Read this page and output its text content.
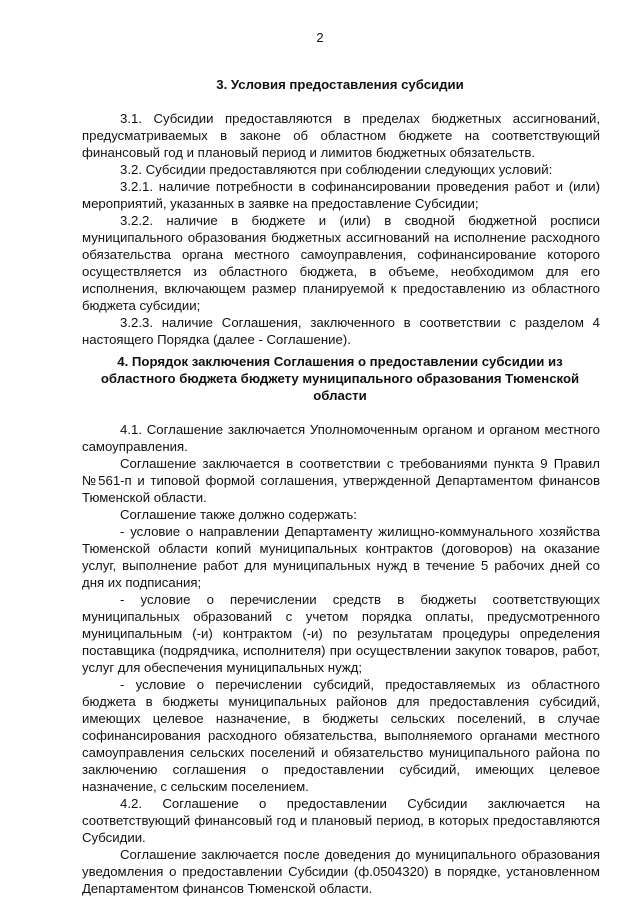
2
3. Условия предоставления субсидии

3.1. Субсидии предоставляются в пределах бюджетных ассигнований, предусматриваемых в законе об областном бюджете на соответствующий финансовый год и плановый период и лимитов бюджетных обязательств.

3.2. Субсидии предоставляются при соблюдении следующих условий:

3.2.1. наличие потребности в софинансировании проведения работ и (или) мероприятий, указанных в заявке на предоставление Субсидии;

3.2.2. наличие в бюджете и (или) в сводной бюджетной росписи муниципального образования бюджетных ассигнований на исполнение расходного обязательства органа местного самоуправления, софинансирование которого осуществляется из областного бюджета, в объеме, необходимом для его исполнения, включающем размер планируемой к предоставлению из областного бюджета субсидии;

3.2.3. наличие Соглашения, заключенного в соответствии с разделом 4 настоящего Порядка (далее - Соглашение).

4. Порядок заключения Соглашения о предоставлении субсидии из областного бюджета бюджету муниципального образования Тюменской области

4.1. Соглашение заключается Уполномоченным органом и органом местного самоуправления.

Соглашение заключается в соответствии с требованиями пункта 9 Правил №561-п и типовой формой соглашения, утвержденной Департаментом финансов Тюменской области.

Соглашение также должно содержать:

- условие о направлении Департаменту жилищно-коммунального хозяйства Тюменской области копий муниципальных контрактов (договоров) на оказание услуг, выполнение работ для муниципальных нужд в течение 5 рабочих дней со дня их подписания;

- условие о перечислении средств в бюджеты соответствующих муниципальных образований с учетом порядка оплаты, предусмотренного муниципальным (-и) контрактом (-и) по результатам процедуры определения поставщика (подрядчика, исполнителя) при осуществлении закупок товаров, работ, услуг для обеспечения муниципальных нужд;

- условие о перечислении субсидий, предоставляемых из областного бюджета в бюджеты муниципальных районов для предоставления субсидий, имеющих целевое назначение, в бюджеты сельских поселений, в случае софинансирования расходного обязательства, выполняемого органами местного самоуправления сельских поселений и обязательство муниципального района по заключению соглашения о предоставлении субсидий, имеющих целевое назначение, с сельским поселением.

4.2. Соглашение о предоставлении Субсидии заключается на соответствующий финансовый год и плановый период, в которых предоставляются Субсидии.

Соглашение заключается после доведения до муниципального образования уведомления о предоставлении Субсидии (ф.0504320) в порядке, установленном Департаментом финансов Тюменской области.
